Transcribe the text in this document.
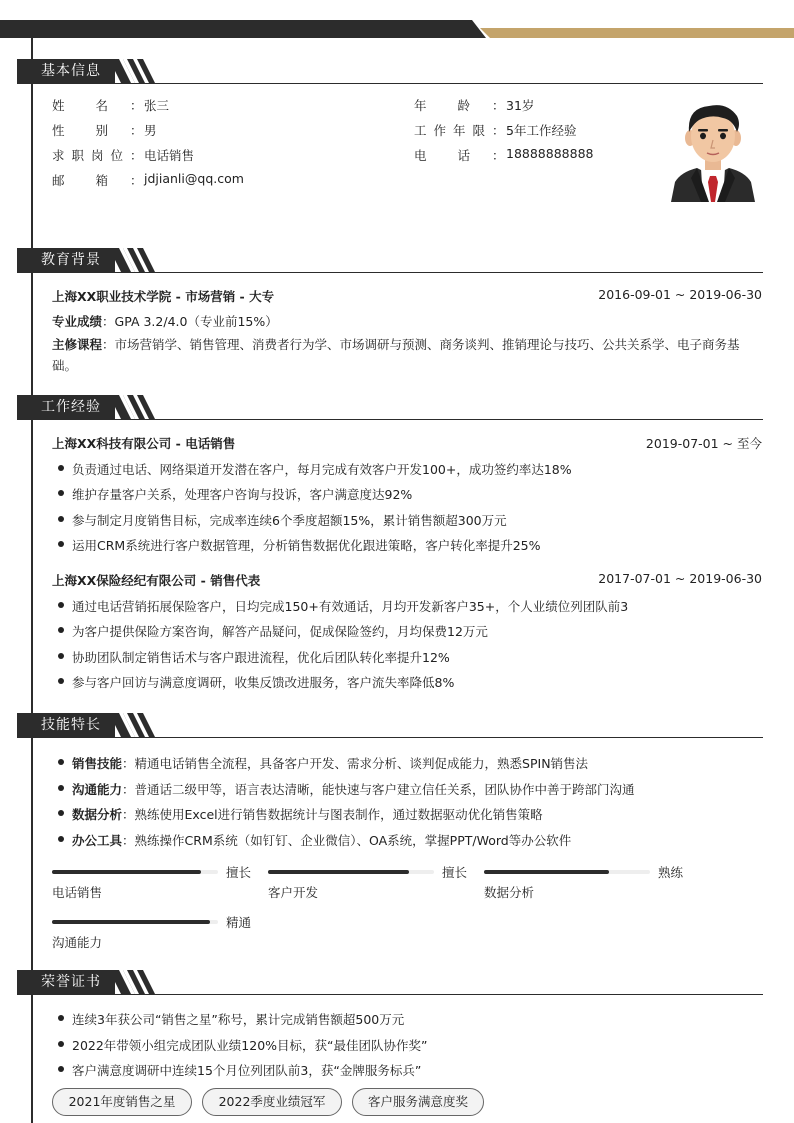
基本信息
姓 名 ： 张三
性 别 ： 男
求 职 岗 位 ： 电话销售
邮 箱 ： jdjianli@qq.com
年 龄 ： 31岁
工 作 年 限 ： 5年工作经验
电 话 ： 18888888888
教育背景
上海XX职业技术学院 - 市场营销 - 大专	2016-09-01 ~ 2019-06-30
专业成绩：GPA 3.2/4.0（专业前15%）
主修课程：市场营销学、销售管理、消费者行为学、市场调研与预测、商务谈判、推销理论与技巧、公共关系学、电子商务基
础。
工作经验
上海XX科技有限公司 - 电话销售	2019-07-01 ~ 至今
负责通过电话、网络渠道开发潜在客户，每月完成有效客户开发100+，成功签约率达18%
维护存量客户关系，处理客户咨询与投诉，客户满意度达92%
参与制定月度销售目标，完成率连续6个季度超额15%，累计销售额超300万元
运用CRM系统进行客户数据管理，分析销售数据优化跟进策略，客户转化率提升25%
上海XX保险经纪有限公司 - 销售代表	2017-07-01 ~ 2019-06-30
通过电话营销拓展保险客户，日均完成150+有效通话，月均开发新客户35+，个人业绩位列团队前3
为客户提供保险方案咨询，解答产品疑问，促成保险签约，月均保费12万元
协助团队制定销售话术与客户跟进流程，优化后团队转化率提升12%
参与客户回访与满意度调研，收集反馈改进服务，客户流失率降低8%
技能特长
销售技能：精通电话销售全流程，具备客户开发、需求分析、谈判促成能力，熟悉SPIN销售法
沟通能力：普通话二级甲等，语言表达清晰，能快速与客户建立信任关系，团队协作中善于跨部门沟通
数据分析：熟练使用Excel进行销售数据统计与图表制作，通过数据驱动优化销售策略
办公工具：熟练操作CRM系统（如钉钉、企业微信）、OA系统，掌握PPT/Word等办公软件
擅长
电话销售
擅长
客户开发
熟练
数据分析
精通
沟通能力
荣誉证书
连续3年获公司“销售之星”称号，累计完成销售额超500万元
2022年带领小组完成团队业绩120%目标，获“最佳团队协作奖”
客户满意度调研中连续15个月位列团队前3，获“金牌服务标兵”
2021年度销售之星	2022季度业绩冠军	客户服务满意度奖
